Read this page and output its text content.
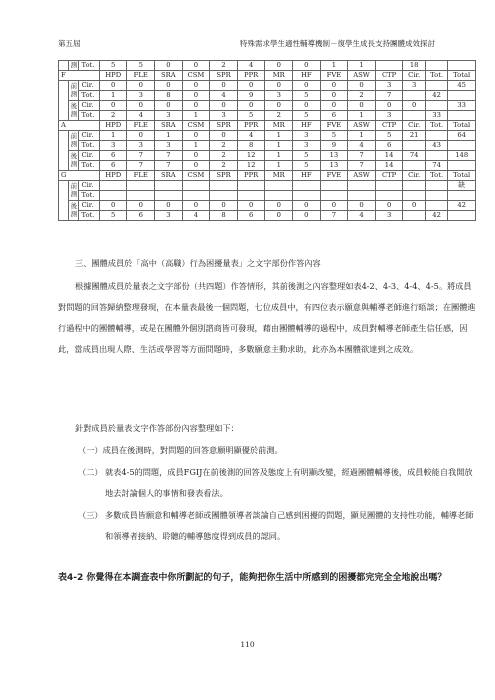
第五屆	特殊需求學生適性輔導機制－復學生成長支持團體成效探討
	測	Tot.	5	5	0	0	2	4	0	0	1	1		18		
F			HPD	FLE	SRA	CSM	SPR	PPR	MR	HF	FVE	ASW	CTP	Cir.	Tot.	Total
	前測	Cir.	0	0	0	0	0	0	0	0	0	0	3	3		45
		Tot.	1	3	8	0	4	9	3	5	0	2	7		42	
	後測	Cir.	0	0	0	0	0	0	0	0	0	0	0	0		33
		Tot.	2	4	3	1	3	5	2	5	6	1	3		33	
A			HPD	FLE	SRA	CSM	SPR	PPR	MR	HF	FVE	ASW	CTP	Cir.	Tot.	Total
	前測	Cir.	1	0	1	0	0	4	1	3	5	1	5	21		64
		Tot.	3	3	3	1	2	8	1	3	9	4	6		43	
	後測	Cir.	6	7	7	0	2	12	1	5	13	7	14	74		148
		Tot.	6	7	7	0	2	12	1	5	13	7	14		74	
G			HPD	FLE	SRA	CSM	SPR	PPR	MR	HF	FVE	ASW	CTP	Cir.	Tot.	Total
	前測	Cir.														缺
		Tot.														
	後測	Cir.	0	0	0	0	0	0	0	0	0	0	0	0		42
		Tot.	5	6	3	4	8	6	0	0	7	4	3		42	
三、團體成員於「高中（高職）行為困擾量表」之文字部份作答內容
根據團體成員於量表之文字部份（共四題）作答情形，其前後測之內容整理如表4-2、4-3、4-4、4-5。將成員對問題的回答歸納整理發現，在本量表最後一個問題，七位成員中，有四位表示願意與輔導老師進行晤談；在團體進行過程中的團體輔導，或是在團體外個別諮商皆可發現，藉由團體輔導的過程中，成員對輔導老師產生信任感，因此，當成員出現人際、生活或學習等方面問題時，多數願意主動求助，此亦為本團體欲達到之成效。
針對成員於量表文字作答部份內容整理如下：
（一）成員在後測時，對問題的回答意願明顯優於前測。
（二） 就表4-5的問題，成員FGIJ在前後測的回答及態度上有明顯改變，經過團體輔導後，成員較能自我開放地去討論個人的事情和發表看法。
（三） 多數成員皆願意和輔導老師或團體領導者談論自己感到困擾的問題，顯見團體的支持性功能，輔導老師和領導者接納、聆聽的輔導態度得到成員的認同。
表4-2 你覺得在本調查表中你所劃記的句子，能夠把你生活中所感到的困擾都完完全全地說出嗎？
110
